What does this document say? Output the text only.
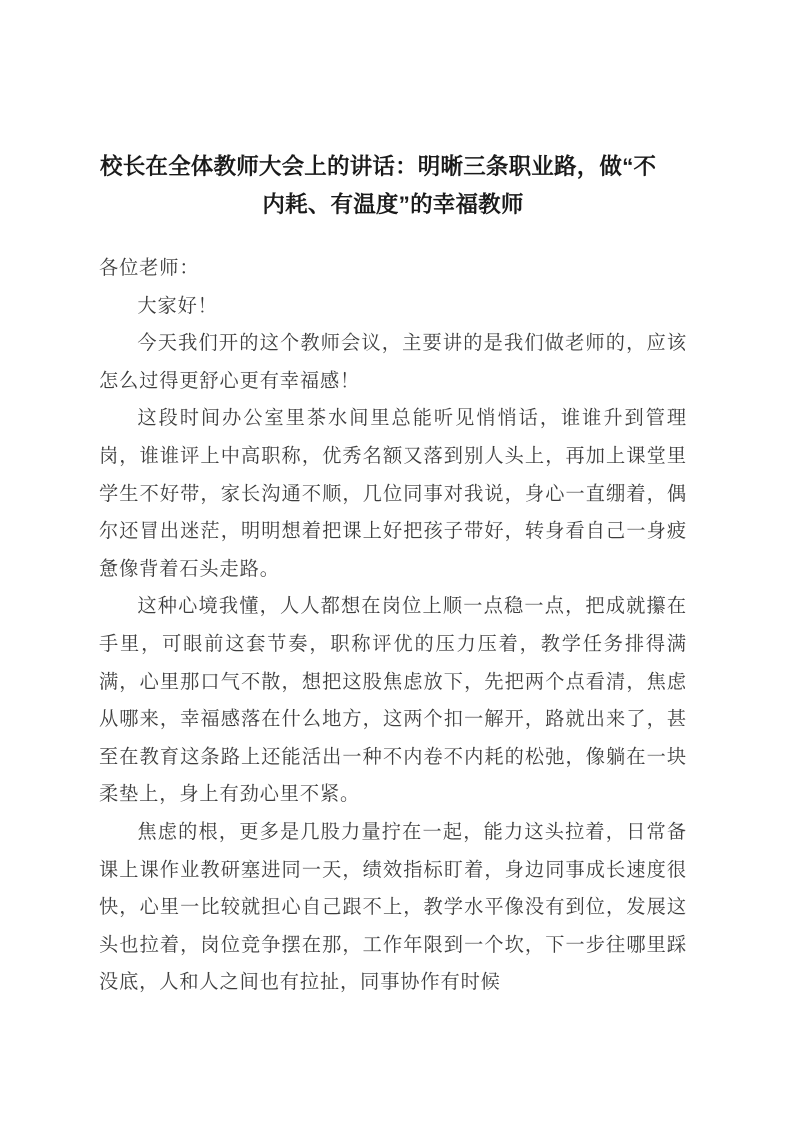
校长在全体教师大会上的讲话：明晰三条职业路，做“不
内耗、有温度”的幸福教师

各位老师：

大家好！

今天我们开的这个教师会议，主要讲的是我们做老师的，应该怎么过得更舒心更有幸福感！

这段时间办公室里茶水间里总能听见悄悄话，谁谁升到管理岗，谁谁评上中高职称，优秀名额又落到别人头上，再加上课堂里学生不好带，家长沟通不顺，几位同事对我说，身心一直绷着，偶尔还冒出迷茫，明明想着把课上好把孩子带好，转身看自己一身疲惫像背着石头走路。

这种心境我懂，人人都想在岗位上顺一点稳一点，把成就攥在手里，可眼前这套节奏，职称评优的压力压着，教学任务排得满满，心里那口气不散，想把这股焦虑放下，先把两个点看清，焦虑从哪来，幸福感落在什么地方，这两个扣一解开，路就出来了，甚至在教育这条路上还能活出一种不内卷不内耗的松弛，像躺在一块柔垫上，身上有劲心里不紧。

焦虑的根，更多是几股力量拧在一起，能力这头拉着，日常备课上课作业教研塞进同一天，绩效指标盯着，身边同事成长速度很快，心里一比较就担心自己跟不上，教学水平像没有到位，发展这头也拉着，岗位竞争摆在那，工作年限到一个坎，下一步往哪里踩没底，人和人之间也有拉扯，同事协作有时候
